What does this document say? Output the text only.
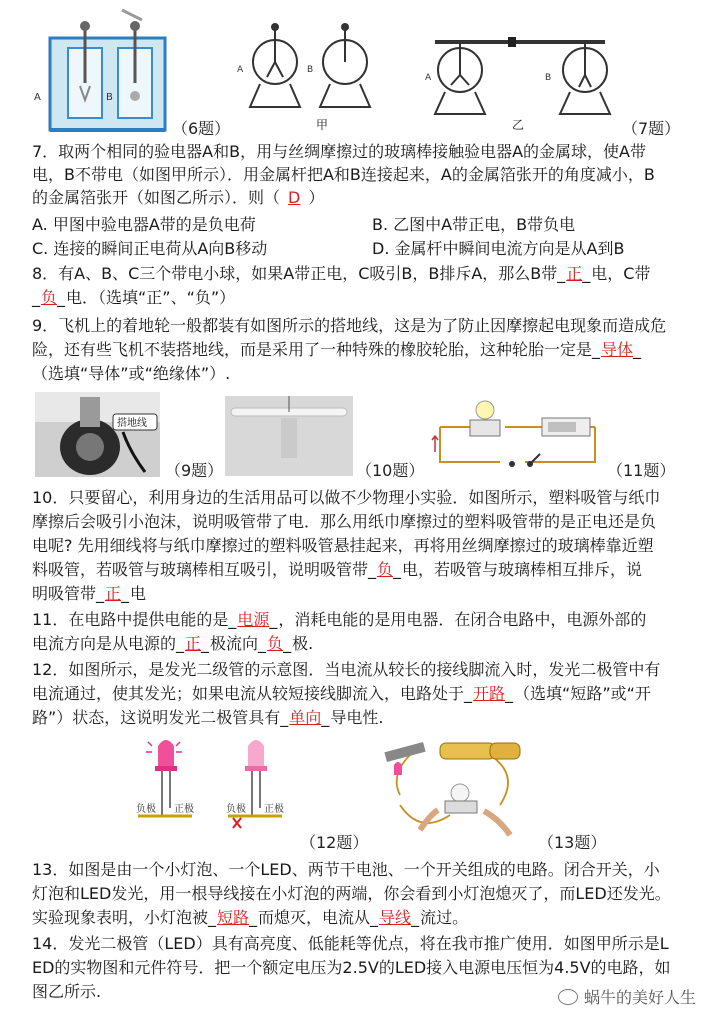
A	B
（6题）
A	B
甲
A	B
乙	（7题）
7．取两个相同的验电器A和B，用与丝绸摩擦过的玻璃棒接触验电器A的金属球，使A带
电，B不带电（如图甲所示）．用金属杆把A和B连接起来，A的金属箔张开的角度减小，B
的金属箔张开（如图乙所示）．则（ D ）
A. 甲图中验电器A带的是负电荷	B. 乙图中A带正电，B带负电
C. 连接的瞬间正电荷从A向B移动	D. 金属杆中瞬间电流方向是从A到B
8．有A、B、C三个带电小球，如果A带正电，C吸引B，B排斥A，那么B带_正_电，C带
_负_电．（选填“正”、“负”）
9．飞机上的着地轮一般都装有如图所示的搭地线，这是为了防止因摩擦起电现象而造成危
险，还有些飞机不装搭地线，而是采用了一种特殊的橡胶轮胎，这种轮胎一定是_导体_
（选填“导体”或“绝缘体”）.
搭地线
（9题）	（10题）	（11题）
10．只要留心，利用身边的生活用品可以做不少物理小实验．如图所示，塑料吸管与纸巾
摩擦后会吸引小泡沫，说明吸管带了电．那么用纸巾摩擦过的塑料吸管带的是正电还是负
电呢? 先用细线将与纸巾摩擦过的塑料吸管悬挂起来，再将用丝绸摩擦过的玻璃棒靠近塑
料吸管，若吸管与玻璃棒相互吸引，说明吸管带_负_电，若吸管与玻璃棒相互排斥，说
明吸管带_正_电
11．在电路中提供电能的是_电源_，消耗电能的是用电器．在闭合电路中，电源外部的
电流方向是从电源的_正_极流向_负_极.
12．如图所示，是发光二级管的示意图．当电流从较长的接线脚流入时，发光二极管中有
电流通过，使其发光；如果电流从较短接线脚流入，电路处于_开路_（选填“短路”或“开
路”）状态，这说明发光二极管具有_单向_导电性.
负极 正极	负极 正极
（12题）	（13题）
13．如图是由一个小灯泡、一个LED、两节干电池、一个开关组成的电路。闭合开关，小
灯泡和LED发光，用一根导线接在小灯泡的两端，你会看到小灯泡熄灭了，而LED还发光。
实验现象表明，小灯泡被_短路_而熄灭，电流从_导线_流过。
14．发光二极管（LED）具有高亮度、低能耗等优点，将在我市推广使用．如图甲所示是L
ED的实物图和元件符号．把一个额定电压为2.5V的LED接入电源电压恒为4.5V的电路，如
图乙所示.	蜗牛的美好人生
